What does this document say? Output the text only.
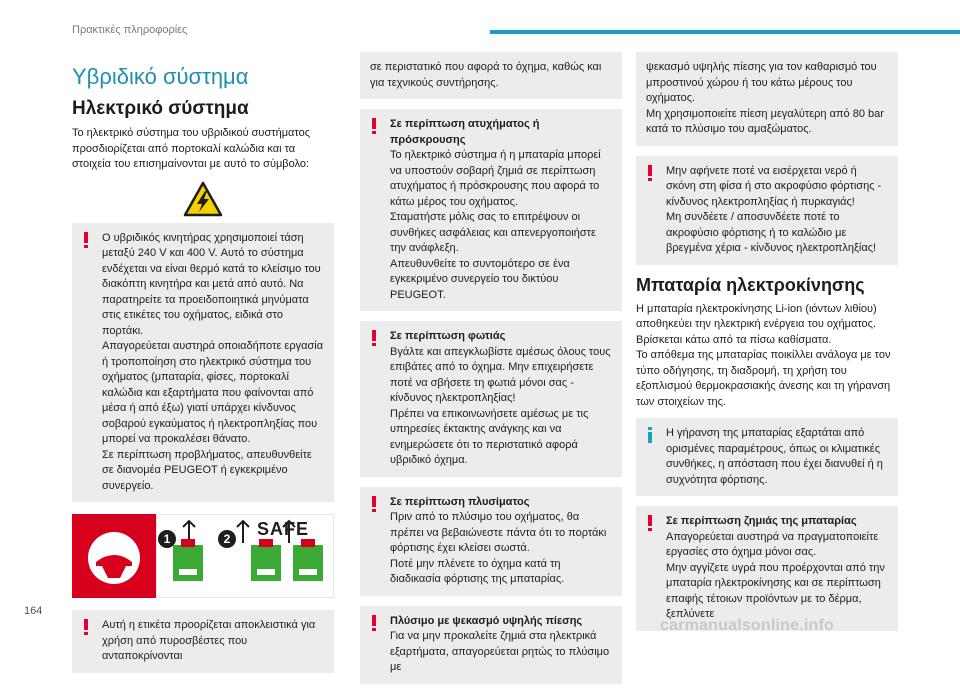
Πρακτικές πληροφορίες
Υβριδικό σύστημα
Ηλεκτρικό σύστημα

Το ηλεκτρικό σύστημα του υβριδικού συστήματος προσδιορίζεται από πορτοκαλί καλώδια και τα στοιχεία του επισημαίνονται με αυτό το σύμβολο:

Ο υβριδικός κινητήρας χρησιμοποιεί τάση μεταξύ 240 V και 400 V. Αυτό το σύστημα ενδέχεται να είναι θερμό κατά το κλείσιμο του διακόπτη κινητήρα και μετά από αυτό. Να παρατηρείτε τα προειδοποιητικά μηνύματα στις ετικέτες του οχήματος, ειδικά στο πορτάκι.

Απαγορεύεται αυστηρά οποιαδήποτε εργασία ή τροποποίηση στο ηλεκτρικό σύστημα του οχήματος (μπαταρία, φίσες, πορτοκαλί καλώδια και εξαρτήματα που φαίνονται από μέσα ή από έξω) γιατί υπάρχει κίνδυνος σοβαρού εγκαύματος ή ηλεκτροπληξίας που μπορεί να προκαλέσει θάνατο.

Σε περίπτωση προβλήματος, απευθυνθείτε σε διανομέα PEUGEOT ή εγκεκριμένο συνεργείο.

SAFE
1	2

Αυτή η ετικέτα προορίζεται αποκλειστικά για χρήση από πυροσβέστες που ανταποκρίνονται

σε περιστατικό που αφορά το όχημα, καθώς και για τεχνικούς συντήρησης.

Σε περίπτωση ατυχήματος ή πρόσκρουσης

Το ηλεκτρικό σύστημα ή η μπαταρία μπορεί να υποστούν σοβαρή ζημιά σε περίπτωση ατυχήματος ή πρόσκρουσης που αφορά το κάτω μέρος του οχήματος.

Σταματήστε μόλις σας το επιτρέψουν οι συνθήκες ασφάλειας και απενεργοποιήστε την ανάφλεξη.

Απευθυνθείτε το συντομότερο σε ένα εγκεκριμένο συνεργείο του δικτύου PEUGEOT.

Σε περίπτωση φωτιάς

Βγάλτε και απεγκλωβίστε αμέσως όλους τους επιβάτες από το όχημα. Μην επιχειρήσετε ποτέ να σβήσετε τη φωτιά μόνοι σας - κίνδυνος ηλεκτροπληξίας!

Πρέπει να επικοινωνήσετε αμέσως με τις υπηρεσίες έκτακτης ανάγκης και να ενημερώσετε ότι το περιστατικό αφορά υβριδικό όχημα.

Σε περίπτωση πλυσίματος

Πριν από το πλύσιμο του οχήματος, θα πρέπει να βεβαιώνεστε πάντα ότι το πορτάκι φόρτισης έχει κλείσει σωστά.

Ποτέ μην πλένετε το όχημα κατά τη διαδικασία φόρτισης της μπαταρίας.

Πλύσιμο με ψεκασμό υψηλής πίεσης

Για να μην προκαλείτε ζημιά στα ηλεκτρικά εξαρτήματα, απαγορεύεται ρητώς το πλύσιμο με

ψεκασμό υψηλής πίεσης για τον καθαρισμό του μπροστινού χώρου ή του κάτω μέρους του οχήματος.

Μη χρησιμοποιείτε πίεση μεγαλύτερη από 80 bar κατά το πλύσιμο του αμαξώματος.

Μην αφήνετε ποτέ να εισέρχεται νερό ή σκόνη στη φίσα ή στο ακροφύσιο φόρτισης - κίνδυνος ηλεκτροπληξίας ή πυρκαγιάς!

Μη συνδέετε / αποσυνδέετε ποτέ το ακροφύσιο φόρτισης ή το καλώδιο με βρεγμένα χέρια - κίνδυνος ηλεκτροπληξίας!

Μπαταρία ηλεκτροκίνησης

Η μπαταρία ηλεκτροκίνησης Li-ion (ιόντων λιθίου) αποθηκεύει την ηλεκτρική ενέργεια του οχήματος.

Βρίσκεται κάτω από τα πίσω καθίσματα.

Το απόθεμα της μπαταρίας ποικίλλει ανάλογα με τον τύπο οδήγησης, τη διαδρομή, τη χρήση του εξοπλισμού θερμοκρασιακής άνεσης και τη γήρανση των στοιχείων της.

Η γήρανση της μπαταρίας εξαρτάται από ορισμένες παραμέτρους, όπως οι κλιματικές συνθήκες, η απόσταση που έχει διανυθεί ή η συχνότητα φόρτισης.

Σε περίπτωση ζημιάς της μπαταρίας

Απαγορεύεται αυστηρά να πραγματοποιείτε εργασίες στο όχημα μόνοι σας.

Μην αγγίζετε υγρά που προέρχονται από την μπαταρία ηλεκτροκίνησης και σε περίπτωση επαφής τέτοιων προϊόντων με το δέρμα, ξεπλύνετε

164
carmanualsonline.info
